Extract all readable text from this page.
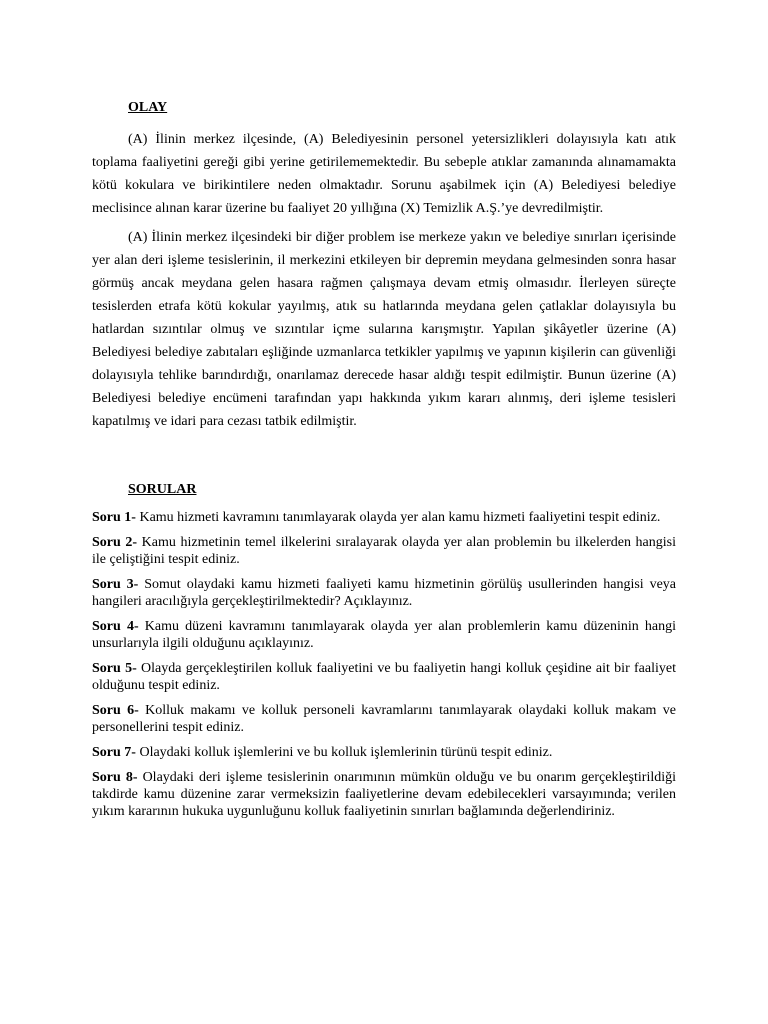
OLAY

(A) İlinin merkez ilçesinde, (A) Belediyesinin personel yetersizlikleri dolayısıyla katı atık toplama faaliyetini gereği gibi yerine getirilememektedir. Bu sebeple atıklar zamanında alınamamakta kötü kokulara ve birikintilere neden olmaktadır. Sorunu aşabilmek için (A) Belediyesi belediye meclisince alınan karar üzerine bu faaliyet 20 yıllığına (X) Temizlik A.Ş.’ye devredilmiştir.

(A) İlinin merkez ilçesindeki bir diğer problem ise merkeze yakın ve belediye sınırları içerisinde yer alan deri işleme tesislerinin, il merkezini etkileyen bir depremin meydana gelmesinden sonra hasar görmüş ancak meydana gelen hasara rağmen çalışmaya devam etmiş olmasıdır. İlerleyen süreçte tesislerden etrafa kötü kokular yayılmış, atık su hatlarında meydana gelen çatlaklar dolayısıyla bu hatlardan sızıntılar olmuş ve sızıntılar içme sularına karışmıştır. Yapılan şikâyetler üzerine (A) Belediyesi belediye zabıtaları eşliğinde uzmanlarca tetkikler yapılmış ve yapının kişilerin can güvenliği dolayısıyla tehlike barındırdığı, onarılamaz derecede hasar aldığı tespit edilmiştir. Bunun üzerine (A) Belediyesi belediye encümeni tarafından yapı hakkında yıkım kararı alınmış, deri işleme tesisleri kapatılmış ve idari para cezası tatbik edilmiştir.

SORULAR

Soru 1- Kamu hizmeti kavramını tanımlayarak olayda yer alan kamu hizmeti faaliyetini tespit ediniz.

Soru 2- Kamu hizmetinin temel ilkelerini sıralayarak olayda yer alan problemin bu ilkelerden hangisi ile çeliştiğini tespit ediniz.

Soru 3- Somut olaydaki kamu hizmeti faaliyeti kamu hizmetinin görülüş usullerinden hangisi veya hangileri aracılığıyla gerçekleştirilmektedir? Açıklayınız.

Soru 4- Kamu düzeni kavramını tanımlayarak olayda yer alan problemlerin kamu düzeninin hangi unsurlarıyla ilgili olduğunu açıklayınız.

Soru 5- Olayda gerçekleştirilen kolluk faaliyetini ve bu faaliyetin hangi kolluk çeşidine ait bir faaliyet olduğunu tespit ediniz.

Soru 6- Kolluk makamı ve kolluk personeli kavramlarını tanımlayarak olaydaki kolluk makam ve personellerini tespit ediniz.

Soru 7- Olaydaki kolluk işlemlerini ve bu kolluk işlemlerinin türünü tespit ediniz.

Soru 8- Olaydaki deri işleme tesislerinin onarımının mümkün olduğu ve bu onarım gerçekleştirildiği takdirde kamu düzenine zarar vermeksizin faaliyetlerine devam edebilecekleri varsayımında; verilen yıkım kararının hukuka uygunluğunu kolluk faaliyetinin sınırları bağlamında değerlendiriniz.
